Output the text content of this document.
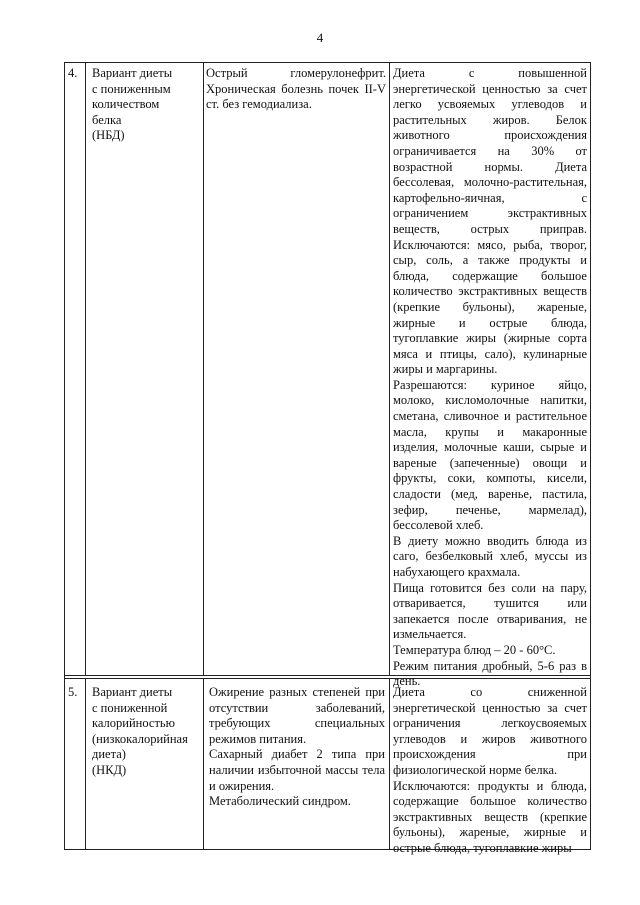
4
4.	Вариант диеты
с пониженным
количеством
белка
(НБД)
Острый гломерулонефрит. Хроническая болезнь почек II-V ст. без гемодиализа.

Диета с повышенной энергетической ценностью за счет легко усвояемых углеводов и растительных жиров. Белок животного происхождения ограничивается на 30% от возрастной нормы. Диета бессолевая, молочно-растительная, картофельно-яичная, с ограничением экстрактивных веществ, острых приправ. Исключаются: мясо, рыба, творог, сыр, соль, а также продукты и блюда, содержащие большое количество экстрактивных веществ (крепкие бульоны), жареные, жирные и острые блюда, тугоплавкие жиры (жирные сорта мяса и птицы, сало), кулинарные жиры и маргарины.

Разрешаются: куриное яйцо, молоко, кисломолочные напитки, сметана, сливочное и растительное масла, крупы и макаронные изделия, молочные каши, сырые и вареные (запеченные) овощи и фрукты, соки, компоты, кисели, сладости (мед, варенье, пастила, зефир, печенье, мармелад), бессолевой хлеб.

В диету можно вводить блюда из саго, безбелковый хлеб, муссы из набухающего крахмала.

Пища готовится без соли на пару, отваривается, тушится или запекается после отваривания, не измельчается.

Температура блюд – 20 - 60°С.

Режим питания дробный, 5-6 раз в день.

5.	Вариант диеты
с пониженной
калорийностью
(низкокалорийная
диета)
(НКД)

Ожирение разных степеней при отсутствии заболеваний, требующих специальных режимов питания.

Сахарный диабет 2 типа при наличии избыточной массы тела и ожирения.

Метаболический синдром.

Диета со сниженной энергетической ценностью за счет ограничения легкоусвояемых углеводов и жиров животного происхождения при физиологической норме белка.

Исключаются: продукты и блюда, содержащие большое количество экстрактивных веществ (крепкие бульоны), жареные, жирные и острые блюда, тугоплавкие жиры
